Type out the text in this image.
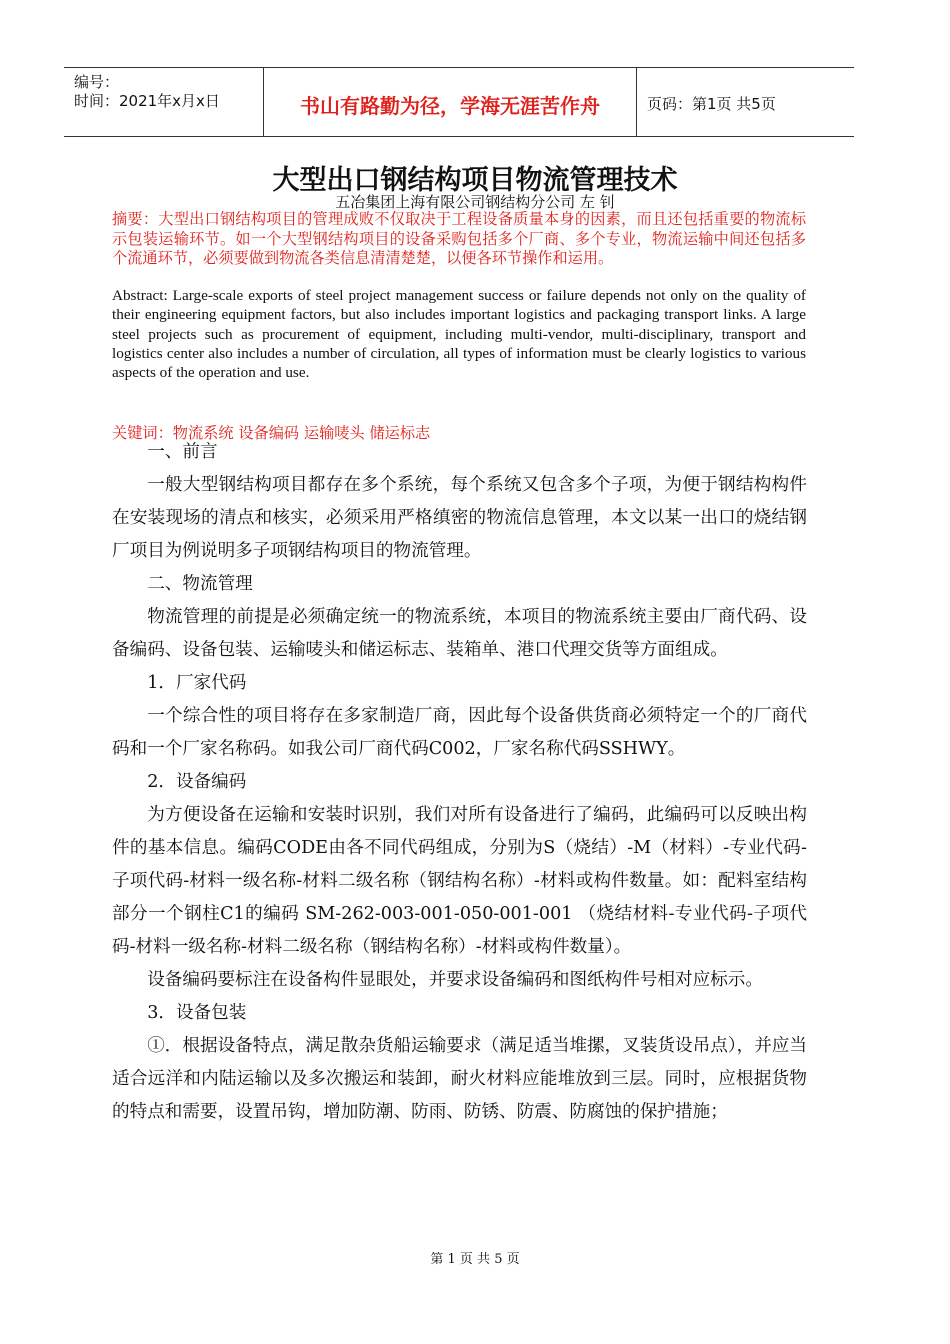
编号：
时间：2021年x月x日	书山有路勤为径，学海无涯苦作舟	页码：第1页 共5页
大型出口钢结构项目物流管理技术
五冶集团上海有限公司钢结构分公司 左 钊
摘要：大型出口钢结构项目的管理成败不仅取决于工程设备质量本身的因素，而且还包括重要的物流标示包装运输环节。如一个大型钢结构项目的设备采购包括多个厂商、多个专业，物流运输中间还包括多个流通环节，必须要做到物流各类信息清清楚楚，以便各环节操作和运用。
Abstract: Large-scale exports of steel project management success or failure depends not only on the quality of their engineering equipment factors, but also includes important logistics and packaging transport links. A large steel projects such as procurement of equipment, including multi-vendor, multi-disciplinary, transport and logistics center also includes a number of circulation, all types of information must be clearly logistics to various aspects of the operation and use.
关键词：物流系统 设备编码 运输唛头 储运标志

一、前言

一般大型钢结构项目都存在多个系统，每个系统又包含多个子项，为便于钢结构构件在安装现场的清点和核实，必须采用严格缜密的物流信息管理，本文以某一出口的烧结钢厂项目为例说明多子项钢结构项目的物流管理。

二、物流管理

物流管理的前提是必须确定统一的物流系统，本项目的物流系统主要由厂商代码、设备编码、设备包装、运输唛头和储运标志、装箱单、港口代理交货等方面组成。

1．厂家代码

一个综合性的项目将存在多家制造厂商，因此每个设备供货商必须特定一个的厂商代码和一个厂家名称码。如我公司厂商代码C002，厂家名称代码SSHWY。

2．设备编码

为方便设备在运输和安装时识别，我们对所有设备进行了编码，此编码可以反映出构件的基本信息。编码CODE由各不同代码组成，分别为S（烧结）-M（材料）-专业代码-子项代码-材料一级名称-材料二级名称（钢结构名称）-材料或构件数量。如：配料室结构部分一个钢柱C1的编码 SM-262-003-001-050-001-001 （烧结材料-专业代码-子项代码-材料一级名称-材料二级名称（钢结构名称）-材料或构件数量）。

设备编码要标注在设备构件显眼处，并要求设备编码和图纸构件号相对应标示。

3．设备包装

①．根据设备特点，满足散杂货船运输要求（满足适当堆摞，叉装货设吊点），并应当适合远洋和内陆运输以及多次搬运和装卸，耐火材料应能堆放到三层。同时，应根据货物的特点和需要，设置吊钩，增加防潮、防雨、防锈、防震、防腐蚀的保护措施；

第 1 页 共 5 页
